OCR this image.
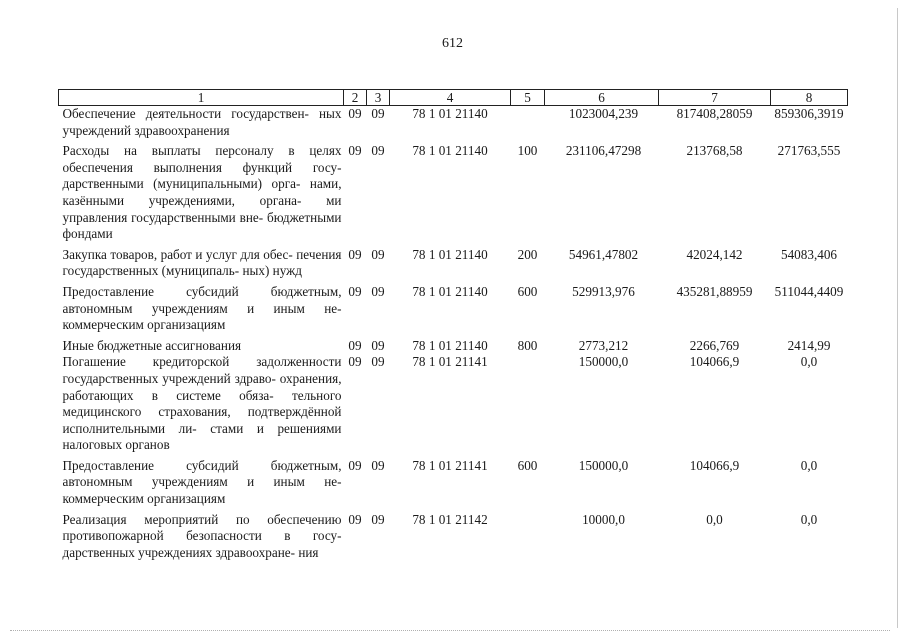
612
1	2	3	4	5	6	7	8
Обеспечение деятельности государствен- ных учреждений здравоохранения	09	09	78 1 01 21140		1023004,239	817408,28059	859306,3919
Расходы на выплаты персоналу в целях обеспечения выполнения функций госу- дарственными (муниципальными) орга- нами, казёнными учреждениями, органа- ми управления государственными вне- бюджетными фондами	09	09	78 1 01 21140	100	231106,47298	213768,58	271763,555
Закупка товаров, работ и услуг для обес- печения государственных (муниципаль- ных) нужд	09	09	78 1 01 21140	200	54961,47802	42024,142	54083,406
Предоставление субсидий бюджетным, автономным учреждениям и иным не- коммерческим организациям	09	09	78 1 01 21140	600	529913,976	435281,88959	511044,4409
Иные бюджетные ассигнования	09	09	78 1 01 21140	800	2773,212	2266,769	2414,99
Погашение кредиторской задолженности государственных учреждений здраво- охранения, работающих в системе обяза- тельного медицинского страхования, подтверждённой исполнительными ли- стами и решениями налоговых органов	09	09	78 1 01 21141		150000,0	104066,9	0,0
Предоставление субсидий бюджетным, автономным учреждениям и иным не- коммерческим организациям	09	09	78 1 01 21141	600	150000,0	104066,9	0,0
Реализация мероприятий по обеспечению противопожарной безопасности в госу- дарственных учреждениях здравоохране- ния	09	09	78 1 01 21142		10000,0	0,0	0,0
